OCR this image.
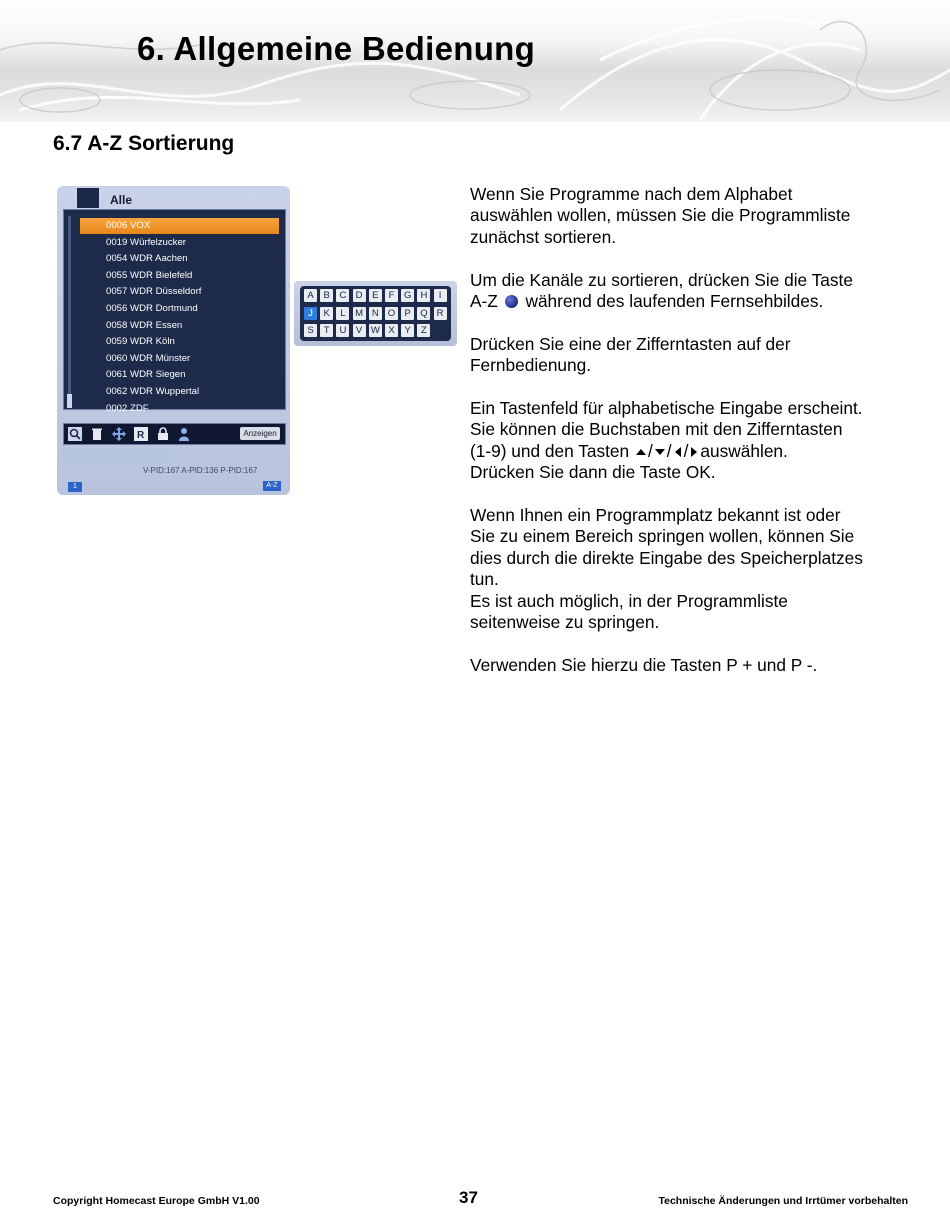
6. Allgemeine Bedienung
6.7 A-Z Sortierung
Alle
0006 VOX
0019 Würfelzucker
0054 WDR Aachen
0055 WDR Bielefeld
0057 WDR Düsseldorf
0056 WDR Dortmund
0058 WDR Essen
0059 WDR Köln
0060 WDR Münster
0061 WDR Siegen
0062 WDR Wuppertal
0002 ZDF
R	Anzeigen
V-PID:167 A-PID:136 P-PID:167
1	A-Z
A	B	C D	E	F	G H	I
J	K	L	M N O P Q R
S	T	U	V W X	Y	Z

Wenn Sie Programme nach dem Alphabet
auswählen wollen, müssen Sie die Programmliste
zunächst sortieren.

Um die Kanäle zu sortieren, drücken Sie die Taste
A-Z während des laufenden Fernsehbildes.

Drücken Sie eine der Zifferntasten auf der
Fernbedienung.

Ein Tastenfeld für alphabetische Eingabe erscheint.
Sie können die Buchstaben mit den Zifferntasten
(1-9) und den Tasten / / / auswählen.
Drücken Sie dann die Taste OK.

Wenn Ihnen ein Programmplatz bekannt ist oder
Sie zu einem Bereich springen wollen, können Sie
dies durch die direkte Eingabe des Speicherplatzes
tun.

Es ist auch möglich, in der Programmliste
seitenweise zu springen.

Verwenden Sie hierzu die Tasten P + und P -.

Copyright Homecast Europe GmbH V1.00	37	Technische Änderungen und Irrtümer vorbehalten
